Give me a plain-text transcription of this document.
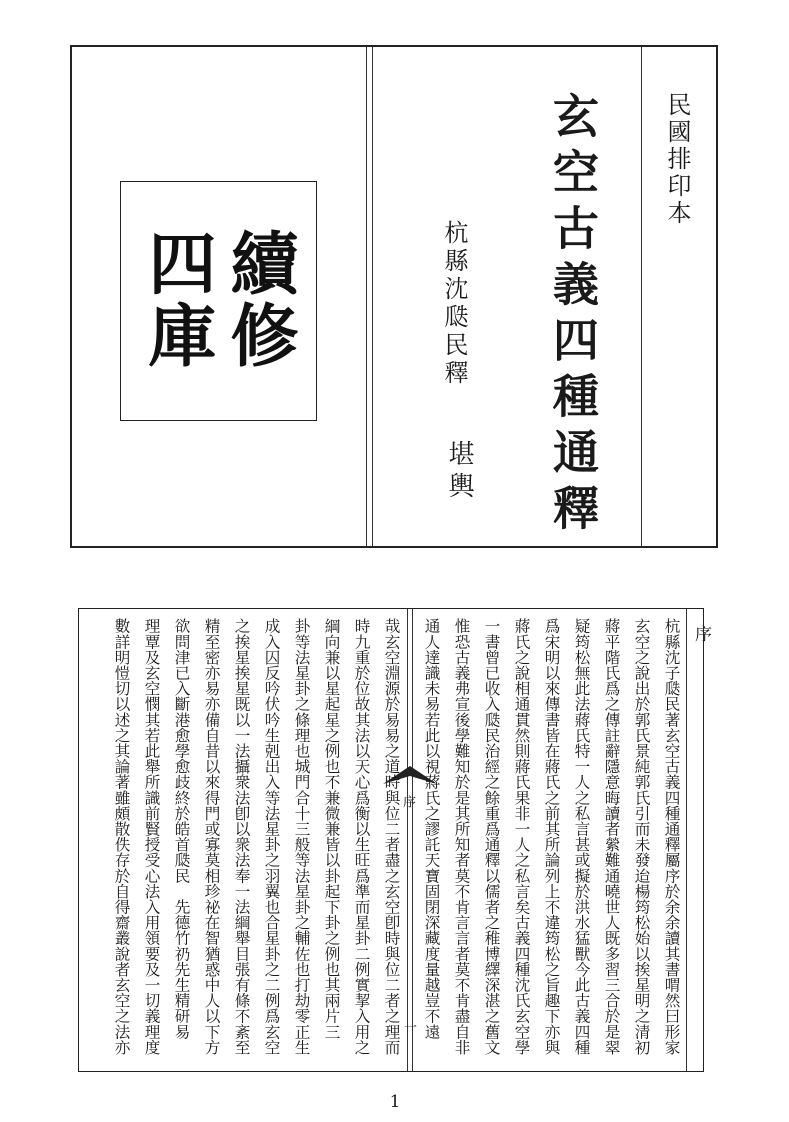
民國排印本
玄空古義四種通釋
杭縣沈瓞民釋
堪輿
續修四庫
序
一
序
杭縣沈子瓞民著玄空古義四種通釋屬序於余余讀其書喟然曰形家
玄空之說出於郭氏景純郭氏引而未發迨楊筠松始以挨星明之清初
蔣平階氏爲之傳註辭隱意晦讀者縈難通曉世人既多習三合於是翠
疑筠松無此法蔣氏特一人之私言甚或擬於洪水猛獸今此古義四種
爲宋明以來傳書皆在蔣氏之前其所論列上不違筠松之旨趣下亦與
蔣氏之說相通貫然則蔣氏果非一人之私言矣古義四種沈氏玄空學
一書曾已收入瓞民治經之餘重爲通釋以儒者之稚博繹深湛之舊文
惟恐古義弗宣後學難知於是其所知者莫不肯言言者莫不肯盡自非
通人達識未易若此以視蔣氏之謬託天寶固閉深藏度量越豈不遠
哉玄空淵源於易易之道時與位二者盡之玄空卽時與位二者之理而
時九重於位故其法以天心爲衡以生旺爲準而星卦二例實挈入用之
綱向兼以星起星之例也不兼微兼皆以卦起下卦之例也其兩片三
卦等法星卦之條理也城門合十三般等法星卦之輔佐也打劫零正生
成入囚反吟伏吟生剋出入等法星卦之羽翼也合星卦之二例爲玄空
之挨星挨星既以一法攝衆法卽以衆法奉一法綱舉目張有條不紊至
精至密亦易亦備自昔以來得門或寡莫相珍祕在智猶惑中人以下方
欲問津已入斷港愈學愈歧終於皓首瓞民　先德竹礽先生精研易
理覃及玄空憫其若此舉所識前賢授受心法入用領要及一切義理度
數詳明愷切以述之其論著雖頗散佚存於自得齋叢說者玄空之法亦
1
